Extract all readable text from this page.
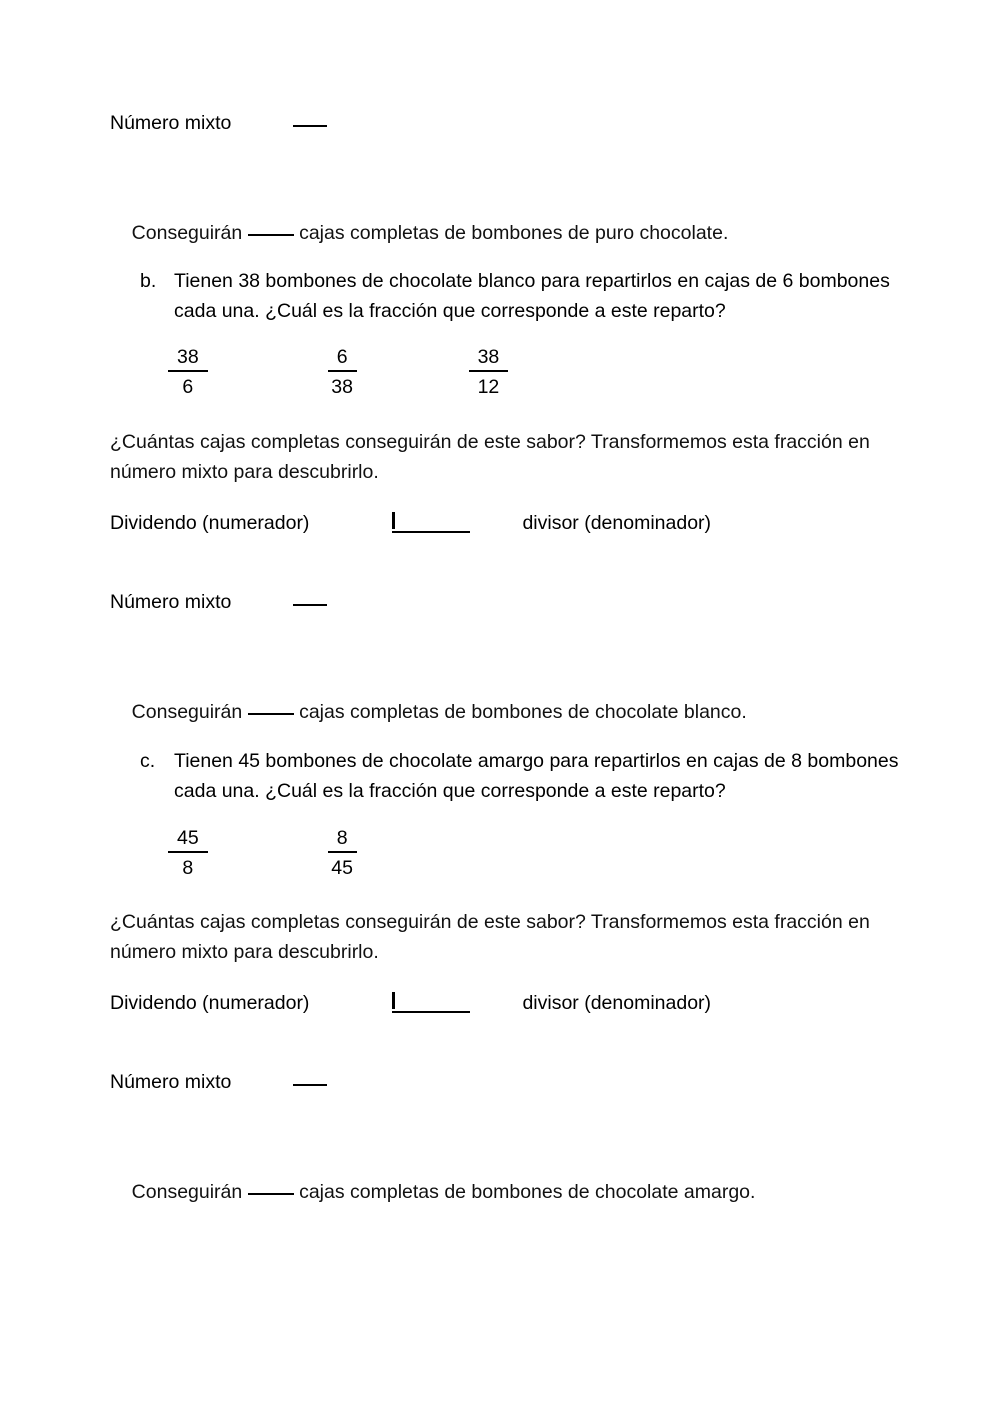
Número mixto

Conseguirán  cajas completas de bombones de puro chocolate.

b. Tienen 38 bombones de chocolate blanco para repartirlos en cajas de 6 bombones cada una. ¿Cuál es la fracción que corresponde a este reparto?
$\frac{38}{6}$	$\frac{6}{38}$	$\frac{38}{12}$
¿Cuántas cajas completas conseguirán de este sabor? Transformemos esta fracción en número mixto para descubrirlo.
Dividendo (numerador)

	divisor (denominador)
Número mixto

Conseguirán  cajas completas de bombones de chocolate blanco.

c. Tienen 45 bombones de chocolate amargo para repartirlos en cajas de 8 bombones cada una. ¿Cuál es la fracción que corresponde a este reparto?
$\frac{45}{8}$	$\frac{8}{45}$
¿Cuántas cajas completas conseguirán de este sabor? Transformemos esta fracción en número mixto para descubrirlo.
Dividendo (numerador)

	divisor (denominador)
Número mixto

Conseguirán  cajas completas de bombones de chocolate amargo.
